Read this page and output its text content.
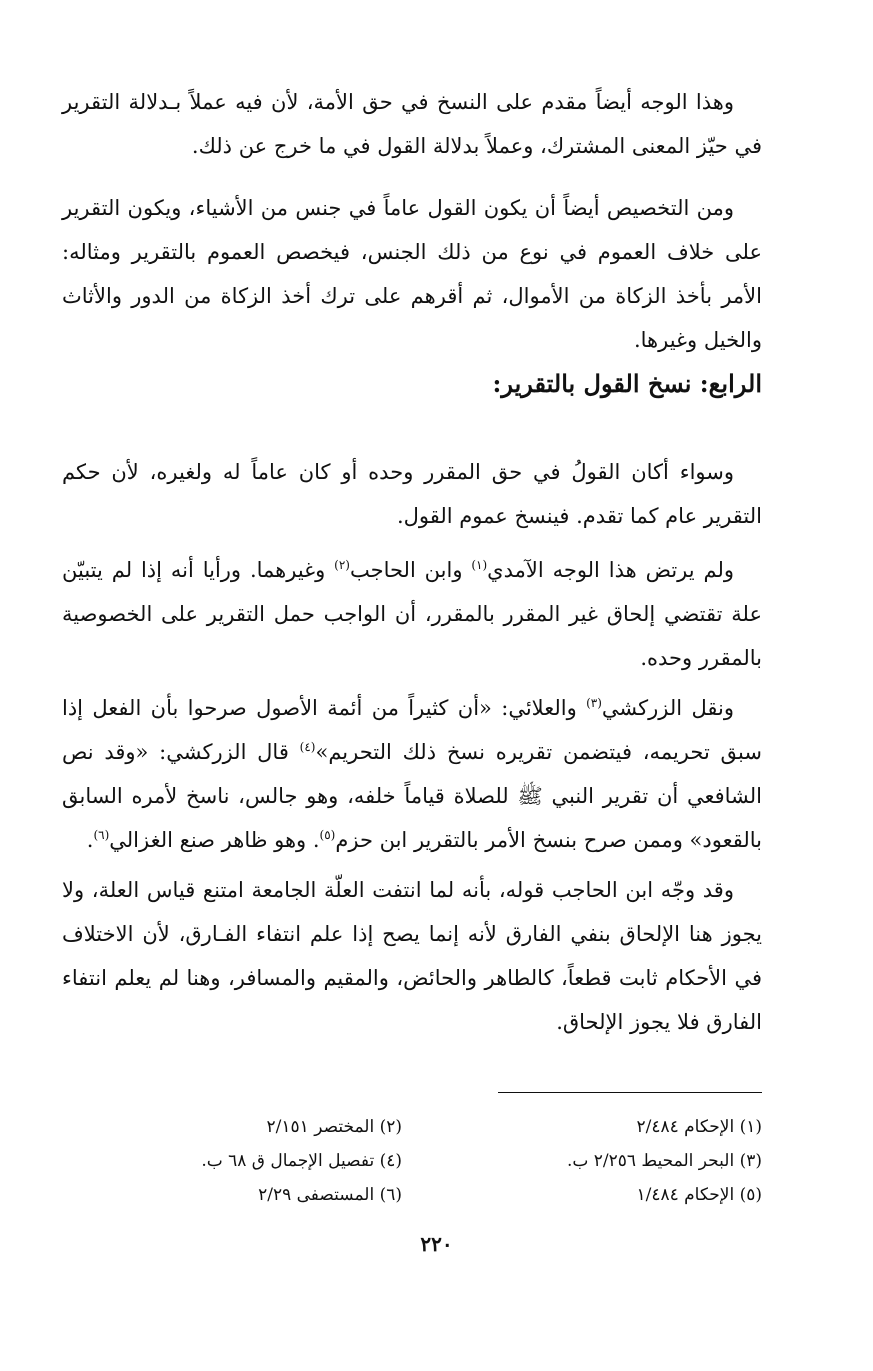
وهذا الوجه أيضاً مقدم على النسخ في حق الأمة، لأن فيه عملاً بـدلالة التقرير في حيّز المعنى المشترك، وعملاً بدلالة القول في ما خرج عن ذلك.

ومن التخصيص أيضاً أن يكون القول عاماً في جنس من الأشياء، ويكون التقرير على خلاف العموم في نوع من ذلك الجنس، فيخصص العموم بالتقرير ومثاله: الأمر بأخذ الزكاة من الأموال، ثم أقرهم على ترك أخذ الزكاة من الدور والأثاث والخيل وغيرها.

الرابع: نسخ القول بالتقرير:

وسواء أكان القولُ في حق المقرر وحده أو كان عاماً له ولغيره، لأن حكم التقرير عام كما تقدم. فينسخ عموم القول.

ولم يرتض هذا الوجه الآمدي$^{(١)}$ وابن الحاجب$^{(٢)}$ وغيرهما. ورأيا أنه إذا لم يتبيّن علة تقتضي إلحاق غير المقرر بالمقرر، أن الواجب حمل التقرير على الخصوصية بالمقرر وحده.

ونقل الزركشي$^{(٣)}$ والعلائي: «أن كثيراً من أئمة الأصول صرحوا بأن الفعل إذا سبق تحريمه، فيتضمن تقريره نسخ ذلك التحريم»$^{(٤)}$ قال الزركشي: «وقد نص الشافعي أن تقرير النبي ﷺ للصلاة قياماً خلفه، وهو جالس، ناسخ لأمره السابق بالقعود» وممن صرح بنسخ الأمر بالتقرير ابن حزم$^{(٥)}$. وهو ظاهر صنع الغزالي$^{(٦)}$.

وقد وجّه ابن الحاجب قوله، بأنه لما انتفت العلّة الجامعة امتنع قياس العلة، ولا يجوز هنا الإلحاق بنفي الفارق لأنه إنما يصح إذا علم انتفاء الفـارق، لأن الاختلاف في الأحكام ثابت قطعاً، كالطاهر والحائض، والمقيم والمسافر، وهنا لم يعلم انتفاء الفارق فلا يجوز الإلحاق.

(١) الإحكام ٢/٤٨٤
(٢) المختصر ٢/١٥١
(٣) البحر المحيط ٢/٢٥٦ ب.
(٤) تفصيل الإجمال ق ٦٨ ب.
(٥) الإحكام ١/٤٨٤
(٦) المستصفى ٢/٢٩
٢٢٠
